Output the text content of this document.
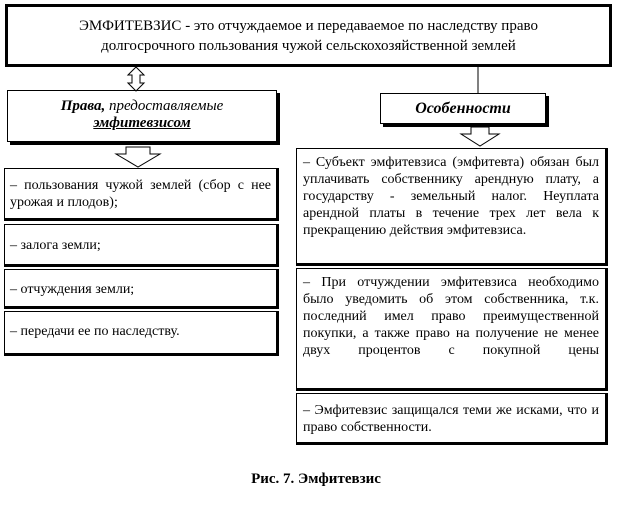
ЭМФИТЕВЗИС - это отчуждаемое и передаваемое по наследству право долгосрочного пользования чужой сельскохозяйственной землей
Права, предоставляемые
эмфитевзисом
Особенности
– пользования чужой землей (сбор с нее урожая и плодов);
– залога земли;
– отчуждения земли;
– передачи ее по наследству.
– Субъект эмфитевзиса (эмфитевта) обязан был уплачивать собственнику арендную плату, а государству - земельный налог. Неуплата арендной платы в течение трех лет вела к прекращению действия эмфитевзиса.
– При отчуждении эмфитевзиса необходимо было уведомить об этом собственника, т.к. последний имел право преимущественной покупки, а также право на получение не менее двух процентов с покупной цены
– Эмфитевзис защищался теми же исками, что и право собственности.
Рис. 7. Эмфитевзис
